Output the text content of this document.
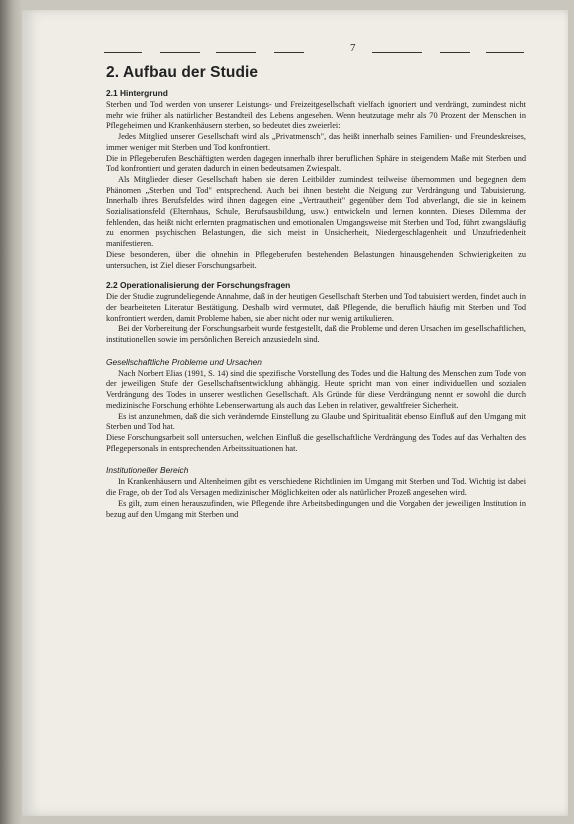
7
2. Aufbau der Studie
2.1 Hintergrund

Sterben und Tod werden von unserer Leistungs- und Freizeitgesellschaft vielfach ignoriert und verdrängt, zumindest nicht mehr wie früher als natürlicher Bestandteil des Lebens angesehen. Wenn heutzutage mehr als 70 Prozent der Menschen in Pflegeheimen und Krankenhäusern sterben, so bedeutet dies zweierlei:

Jedes Mitglied unserer Gesellschaft wird als „Privatmensch", das heißt innerhalb seines Familien- und Freundeskreises, immer weniger mit Sterben und Tod konfrontiert.

Die in Pflegeberufen Beschäftigten werden dagegen innerhalb ihrer beruflichen Sphäre in steigendem Maße mit Sterben und Tod konfrontiert und geraten dadurch in einen bedeutsamen Zwiespalt.

Als Mitglieder dieser Gesellschaft haben sie deren Leitbilder zumindest teilweise übernommen und begegnen dem Phänomen „Sterben und Tod" entsprechend. Auch bei ihnen besteht die Neigung zur Verdrängung und Tabuisierung. Innerhalb ihres Berufsfeldes wird ihnen dagegen eine „Vertrautheit" gegenüber dem Tod abverlangt, die sie in keinem Sozialisationsfeld (Elternhaus, Schule, Berufsausbildung, usw.) entwickeln und lernen konnten. Dieses Dilemma der fehlenden, das heißt nicht erlernten pragmatischen und emotionalen Umgangsweise mit Sterben und Tod, führt zwangsläufig zu enormen psychischen Belastungen, die sich meist in Unsicherheit, Niedergeschlagenheit und Unzufriedenheit manifestieren.

Diese besonderen, über die ohnehin in Pflegeberufen bestehenden Belastungen hinausgehenden Schwierigkeiten zu untersuchen, ist Ziel dieser Forschungsarbeit.

2.2 Operationalisierung der Forschungsfragen

Die der Studie zugrundeliegende Annahme, daß in der heutigen Gesellschaft Sterben und Tod tabuisiert werden, findet auch in der bearbeiteten Literatur Bestätigung. Deshalb wird vermutet, daß Pflegende, die beruflich häufig mit Sterben und Tod konfrontiert werden, damit Probleme haben, sie aber nicht oder nur wenig artikulieren.

Bei der Vorbereitung der Forschungsarbeit wurde festgestellt, daß die Probleme und deren Ursachen im gesellschaftlichen, institutionellen sowie im persönlichen Bereich anzusiedeln sind.

Gesellschaftliche Probleme und Ursachen

Nach Norbert Elias (1991, S. 14) sind die spezifische Vorstellung des Todes und die Haltung des Menschen zum Tode von der jeweiligen Stufe der Gesellschaftsentwicklung abhängig. Heute spricht man von einer individuellen und sozialen Verdrängung des Todes in unserer westlichen Gesellschaft. Als Gründe für diese Verdrängung nennt er sowohl die durch medizinische Forschung erhöhte Lebenserwartung als auch das Leben in relativer, gewaltfreier Sicherheit.

Es ist anzunehmen, daß die sich verändernde Einstellung zu Glaube und Spiritualität ebenso Einfluß auf den Umgang mit Sterben und Tod hat.

Diese Forschungsarbeit soll untersuchen, welchen Einfluß die gesellschaftliche Verdrängung des Todes auf das Verhalten des Pflegepersonals in entsprechenden Arbeitssituationen hat.

Institutioneller Bereich

In Krankenhäusern und Altenheimen gibt es verschiedene Richtlinien im Umgang mit Sterben und Tod. Wichtig ist dabei die Frage, ob der Tod als Versagen medizinischer Möglichkeiten oder als natürlicher Prozeß angesehen wird.

Es gilt, zum einen herauszufinden, wie Pflegende ihre Arbeitsbedingungen und die Vorgaben der jeweiligen Institution in bezug auf den Umgang mit Sterben und
